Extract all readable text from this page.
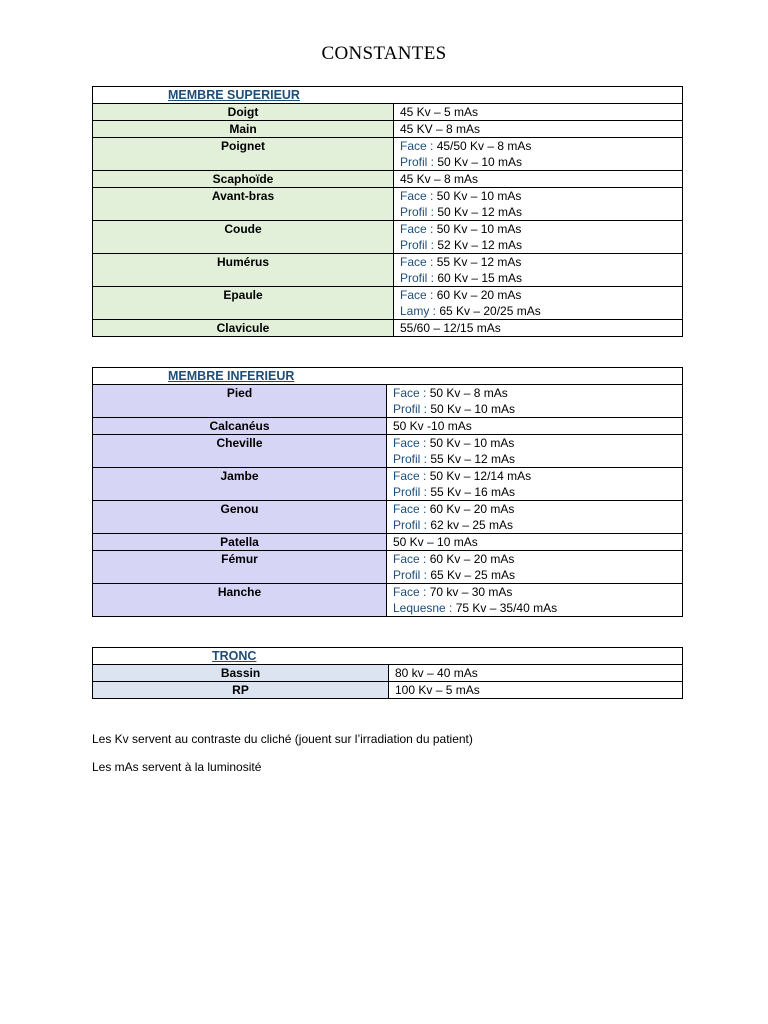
CONSTANTES
MEMBRE SUPERIEUR	
Doigt	45 Kv – 5 mAs

Main	45 KV – 8 mAs

Poignet	Face : 45/50 Kv – 8 mAs
Profil : 50 Kv – 10 mAs

Scaphoïde	45 Kv – 8 mAs

Avant-bras	Face : 50 Kv – 10 mAs
Profil : 50 Kv – 12 mAs

Coude	Face : 50 Kv – 10 mAs
Profil : 52 Kv – 12 mAs

Humérus	Face : 55 Kv – 12 mAs
Profil : 60 Kv – 15 mAs

Epaule	Face : 60 Kv – 20 mAs
Lamy : 65 Kv – 20/25 mAs

Clavicule	55/60 – 12/15 mAs
MEMBRE INFERIEUR	
Pied	Face : 50 Kv – 8 mAs
Profil : 50 Kv – 10 mAs

Calcanéus	50 Kv -10 mAs

Cheville	Face : 50 Kv – 10 mAs
Profil : 55 Kv – 12 mAs

Jambe	Face : 50 Kv – 12/14 mAs
Profil : 55 Kv – 16 mAs

Genou	Face : 60 Kv – 20 mAs
Profil : 62 kv – 25 mAs

Patella	50 Kv – 10 mAs

Fémur	Face : 60 Kv – 20 mAs
Profil : 65 Kv – 25 mAs

Hanche	Face : 70 kv – 30 mAs
Lequesne : 75 Kv – 35/40 mAs
TRONC	
Bassin	80 kv – 40 mAs

RP	100 Kv – 5 mAs
Les Kv servent au contraste du cliché (jouent sur l’irradiation du patient)
Les mAs servent à la luminosité
